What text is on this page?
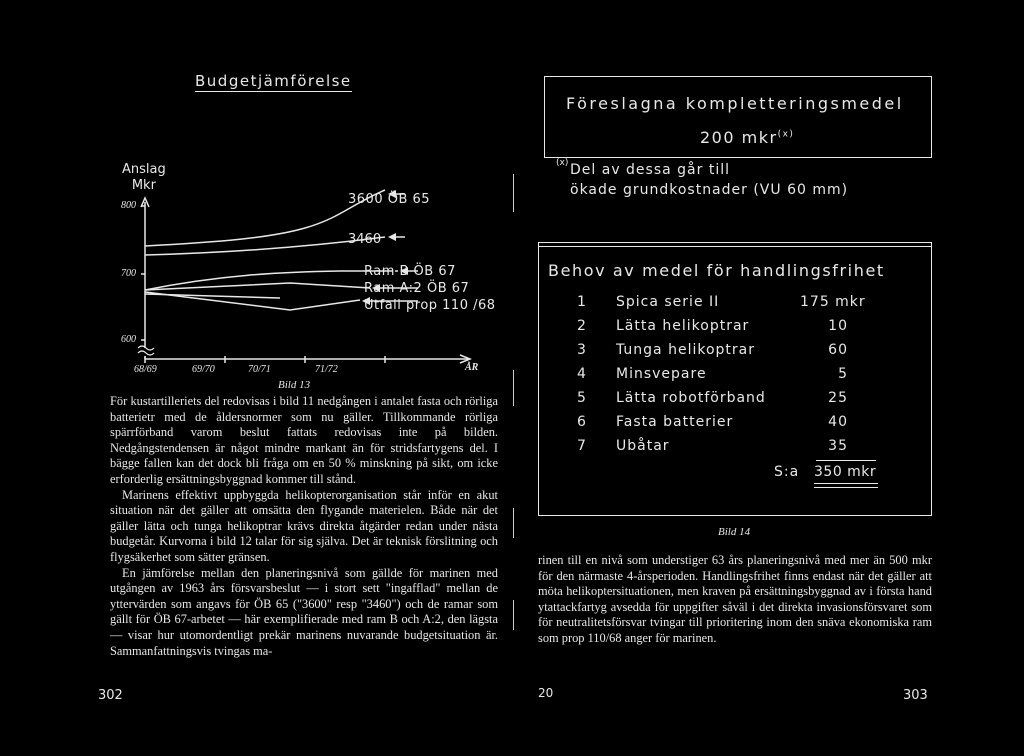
Budgetjämförelse
Anslag
Mkr
800
700
600
68/69	69/70	70/71	71/72	ÅR
3600 ÖB 65
3460
Ram B ÖB 67
Ram A:2 ÖB 67
Utfall prop 110 /68
Bild 13

För kustartilleriets del redovisas i bild 11 nedgången i antalet fasta och rörliga batterietr med de åldersnormer som nu gäller. Tillkommande rörliga spärrförband varom beslut fattats redovisas inte på bilden. Nedgångstendensen är något mindre markant än för stridsfartygens del. I bägge fallen kan det dock bli fråga om en 50 % minskning på sikt, om icke erforderlig ersättningsbyggnad kommer till stånd.

Marinens effektivt uppbyggda helikopterorganisation står inför en akut situation när det gäller att omsätta den flygande materielen. Både när det gäller lätta och tunga helikoptrar krävs direkta åtgärder redan under nästa budgetår. Kurvorna i bild 12 talar för sig själva. Det är teknisk förslitning och flygsäkerhet som sätter gränsen.

En jämförelse mellan den planeringsnivå som gällde för marinen med utgången av 1963 års försvarsbeslut — i stort sett "ingafflad" mellan de yttervärden som angavs för ÖB 65 ("3600" resp "3460") och de ramar som gällt för ÖB 67-arbetet — här exemplifierade med ram B och A:2, den lägsta — visar hur utomordentligt prekär marinens nuvarande budgetsituation är. Sammanfattningsvis tvingas ma-

302
Föreslagna kompletteringsmedel
200 mkr$^{(x)}$
(x) Del av dessa går till
ökade grundkostnader (VU 60 mm)
Behov av medel för handlingsfrihet
1 Spica serie II	175 mkr
2 Lätta helikoptrar	10
3 Tunga helikoptrar	60
4 Minsvepare	5
5 Lätta robotförband	25
6 Fasta batterier	40
7 Ubåtar	35
S:a 350 mkr
Bild 14

rinen till en nivå som understiger 63 års planeringsnivå med mer än 500 mkr för den närmaste 4-årsperioden. Handlingsfrihet finns endast när det gäller att möta helikoptersituationen, men kraven på ersättningsbyggnad av i första hand ytattackfartyg avsedda för uppgifter såväl i det direkta invasionsförsvaret som för neutralitetsförsvar tvingar till prioritering inom den snäva ekonomiska ram som prop 110/68 anger för marinen.

20	303
